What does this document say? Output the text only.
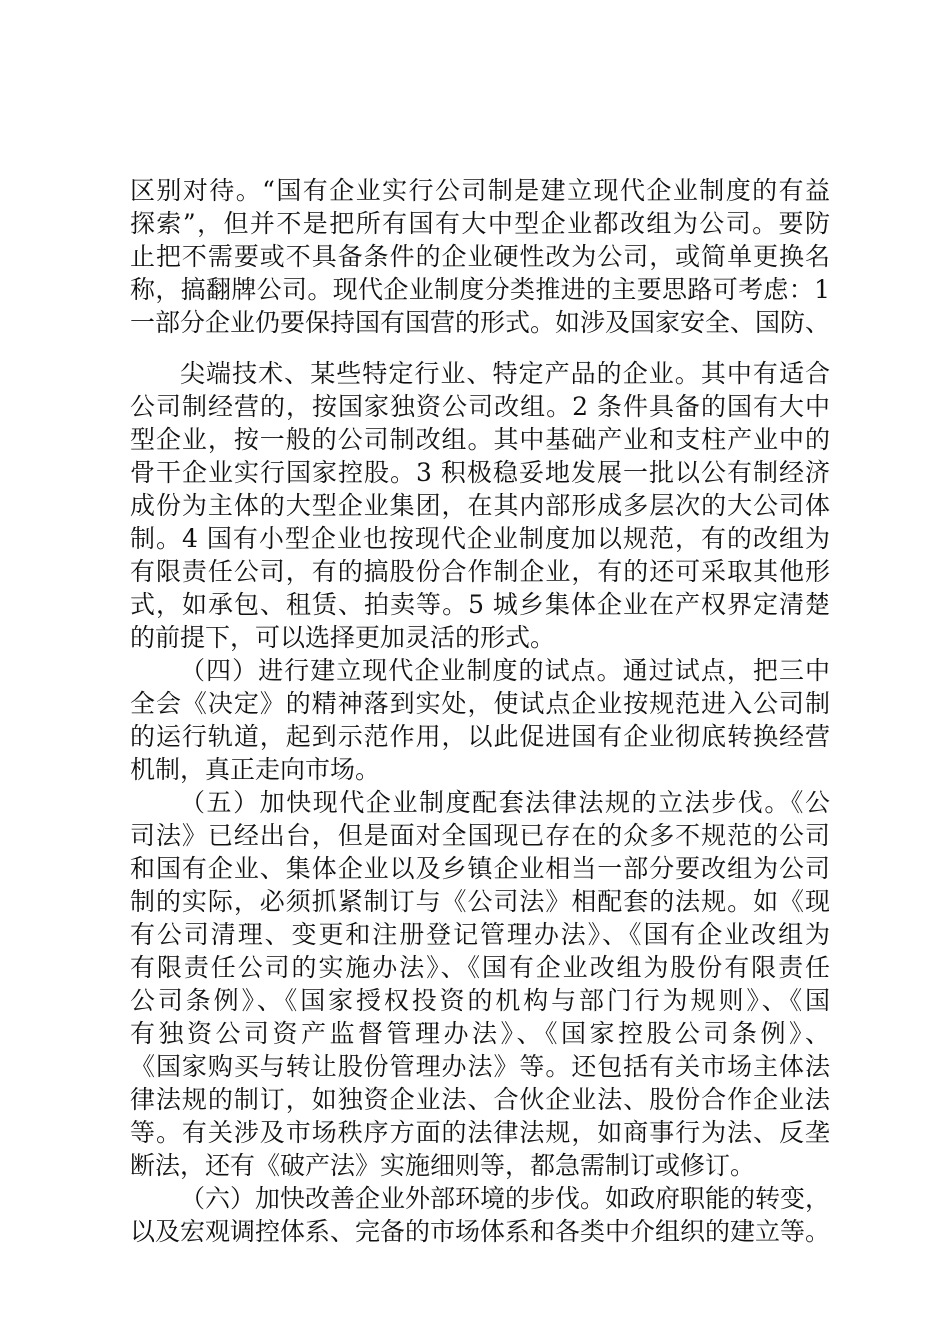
区别对待。“国有企业实行公司制是建立现代企业制度的有益
探索”，但并不是把所有国有大中型企业都改组为公司。要防
止把不需要或不具备条件的企业硬性改为公司，或简单更换名
称，搞翻牌公司。现代企业制度分类推进的主要思路可考虑：1
一部分企业仍要保持国有国营的形式。如涉及国家安全、国防、
尖端技术、某些特定行业、特定产品的企业。其中有适合
公司制经营的，按国家独资公司改组。2 条件具备的国有大中
型企业，按一般的公司制改组。其中基础产业和支柱产业中的
骨干企业实行国家控股。3 积极稳妥地发展一批以公有制经济
成份为主体的大型企业集团，在其内部形成多层次的大公司体
制。4 国有小型企业也按现代企业制度加以规范，有的改组为
有限责任公司，有的搞股份合作制企业，有的还可采取其他形
式，如承包、租赁、拍卖等。5 城乡集体企业在产权界定清楚
的前提下，可以选择更加灵活的形式。
（四）进行建立现代企业制度的试点。通过试点，把三中
全会《决定》的精神落到实处，使试点企业按规范进入公司制
的运行轨道，起到示范作用，以此促进国有企业彻底转换经营
机制，真正走向市场。
（五）加快现代企业制度配套法律法规的立法步伐。《公
司法》已经出台，但是面对全国现已存在的众多不规范的公司
和国有企业、集体企业以及乡镇企业相当一部分要改组为公司
制的实际，必须抓紧制订与《公司法》相配套的法规。如《现
有公司清理、变更和注册登记管理办法》、《国有企业改组为
有限责任公司的实施办法》、《国有企业改组为股份有限责任
公司条例》、《国家授权投资的机构与部门行为规则》、《国
有独资公司资产监督管理办法》、《国家控股公司条例》、
《国家购买与转让股份管理办法》等。还包括有关市场主体法
律法规的制订，如独资企业法、合伙企业法、股份合作企业法
等。有关涉及市场秩序方面的法律法规，如商事行为法、反垄
断法，还有《破产法》实施细则等，都急需制订或修订。
（六）加快改善企业外部环境的步伐。如政府职能的转变，
以及宏观调控体系、完备的市场体系和各类中介组织的建立等。
